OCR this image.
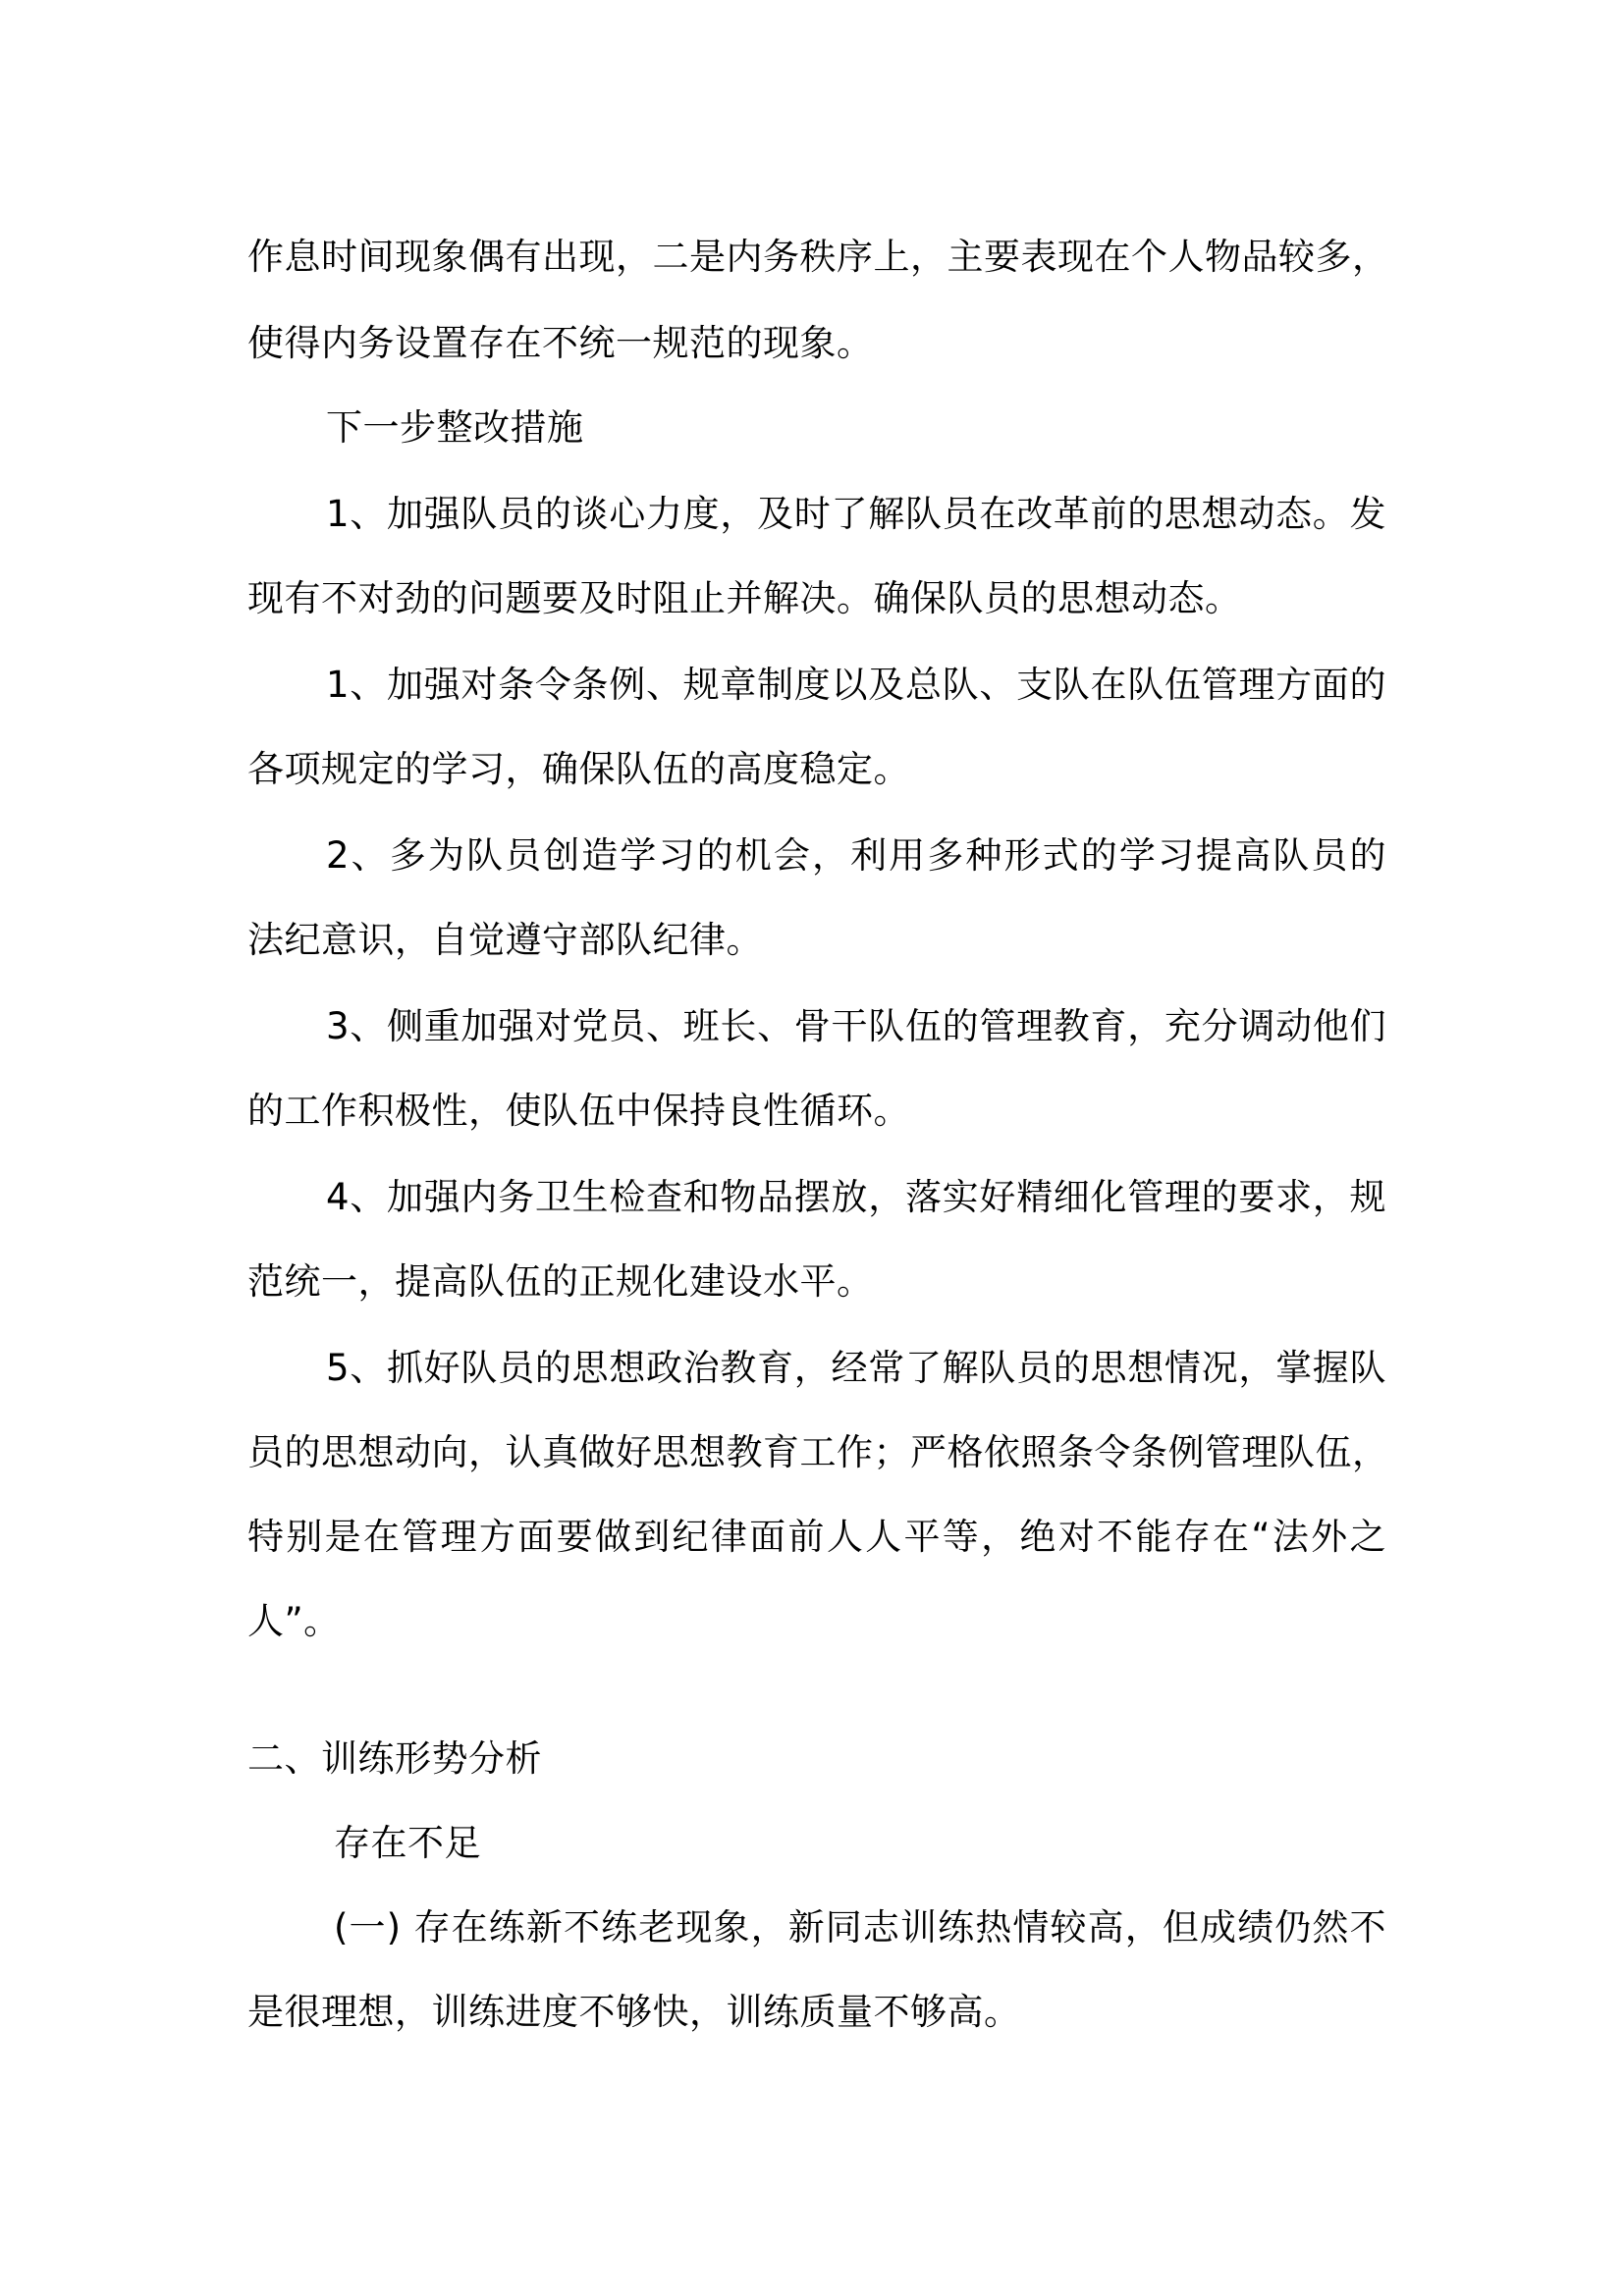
作息时间现象偶有出现，二是内务秩序上，主要表现在个人物品较多，
使得内务设置存在不统一规范的现象。
下一步整改措施
1、加强队员的谈心力度，及时了解队员在改革前的思想动态。发
现有不对劲的问题要及时阻止并解决。确保队员的思想动态。
1、加强对条令条例、规章制度以及总队、支队在队伍管理方面的
各项规定的学习，确保队伍的高度稳定。
2、多为队员创造学习的机会，利用多种形式的学习提高队员的
法纪意识，自觉遵守部队纪律。
3、侧重加强对党员、班长、骨干队伍的管理教育，充分调动他们
的工作积极性，使队伍中保持良性循环。
4、加强内务卫生检查和物品摆放，落实好精细化管理的要求，规
范统一，提高队伍的正规化建设水平。
5、抓好队员的思想政治教育，经常了解队员的思想情况，掌握队
员的思想动向，认真做好思想教育工作；严格依照条令条例管理队伍，
特别是在管理方面要做到纪律面前人人平等，绝对不能存在“法外之
人”。
二、训练形势分析
存在不足
(一) 存在练新不练老现象，新同志训练热情较高，但成绩仍然不
是很理想，训练进度不够快，训练质量不够高。
